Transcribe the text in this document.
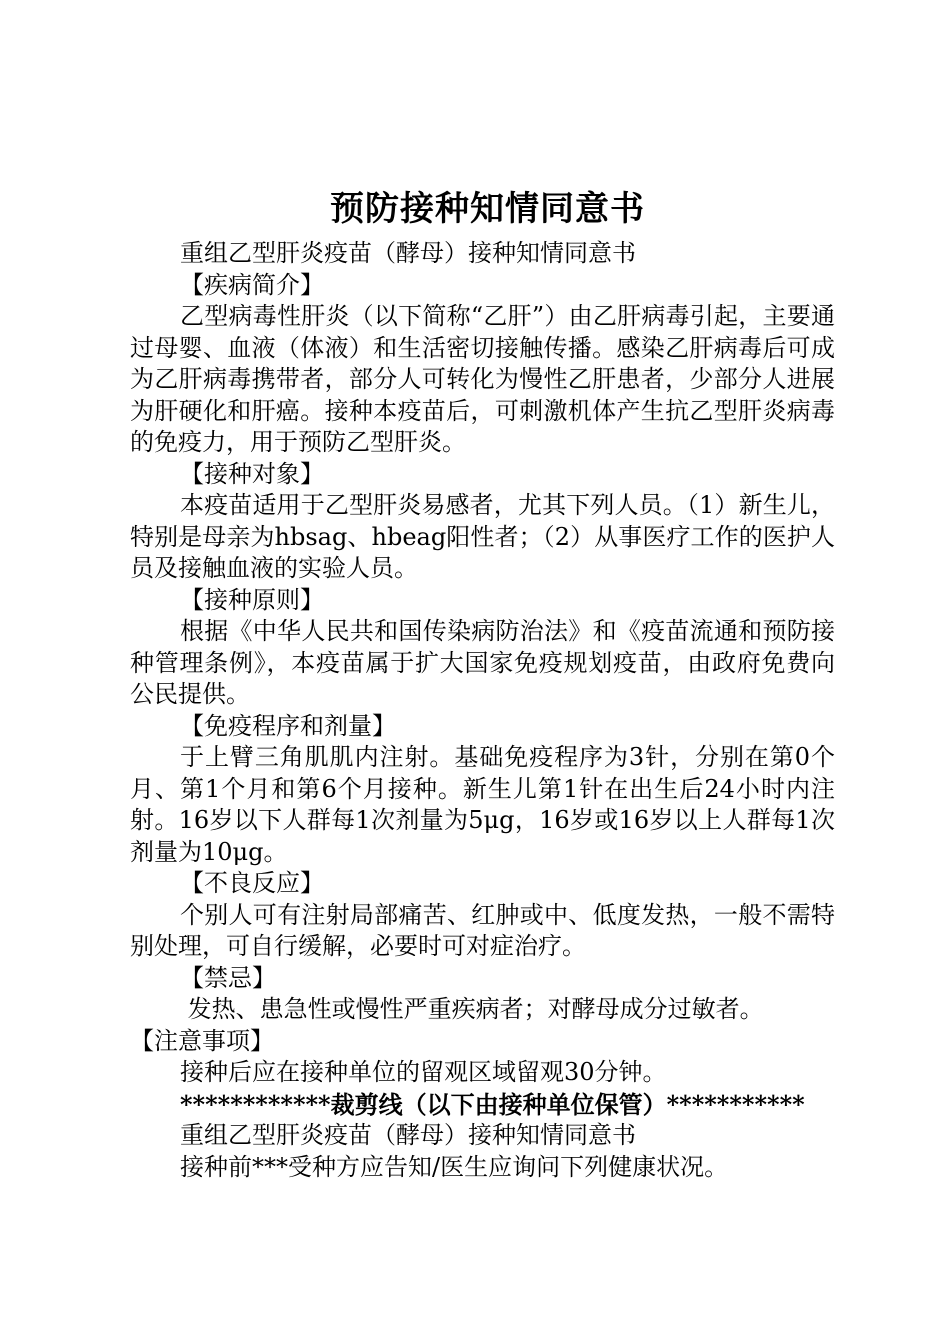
预防接种知情同意书

重组乙型肝炎疫苗（酵母）接种知情同意书

【疾病简介】

乙型病毒性肝炎（以下简称“乙肝”）由乙肝病毒引起，主要通过母婴、血液（体液）和生活密切接触传播。感染乙肝病毒后可成为乙肝病毒携带者，部分人可转化为慢性乙肝患者，少部分人进展为肝硬化和肝癌。接种本疫苗后，可刺激机体产生抗乙型肝炎病毒的免疫力，用于预防乙型肝炎。

【接种对象】

本疫苗适用于乙型肝炎易感者，尤其下列人员。（1）新生儿，特别是母亲为hbsag、hbeag阳性者；（2）从事医疗工作的医护人员及接触血液的实验人员。

【接种原则】

根据《中华人民共和国传染病防治法》和《疫苗流通和预防接种管理条例》，本疫苗属于扩大国家免疫规划疫苗，由政府免费向公民提供。

【免疫程序和剂量】

于上臂三角肌肌内注射。基础免疫程序为3针，分别在第0个月、第1个月和第6个月接种。新生儿第1针在出生后24小时内注射。16岁以下人群每1次剂量为5μg，16岁或16岁以上人群每1次剂量为10μg。

【不良反应】

个别人可有注射局部痛苦、红肿或中、低度发热，一般不需特别处理，可自行缓解，必要时可对症治疗。

【禁忌】

发热、患急性或慢性严重疾病者；对酵母成分过敏者。

【注意事项】

接种后应在接种单位的留观区域留观30分钟。

************裁剪线（以下由接种单位保管）***********

重组乙型肝炎疫苗（酵母）接种知情同意书

接种前***受种方应告知/医生应询问下列健康状况。
